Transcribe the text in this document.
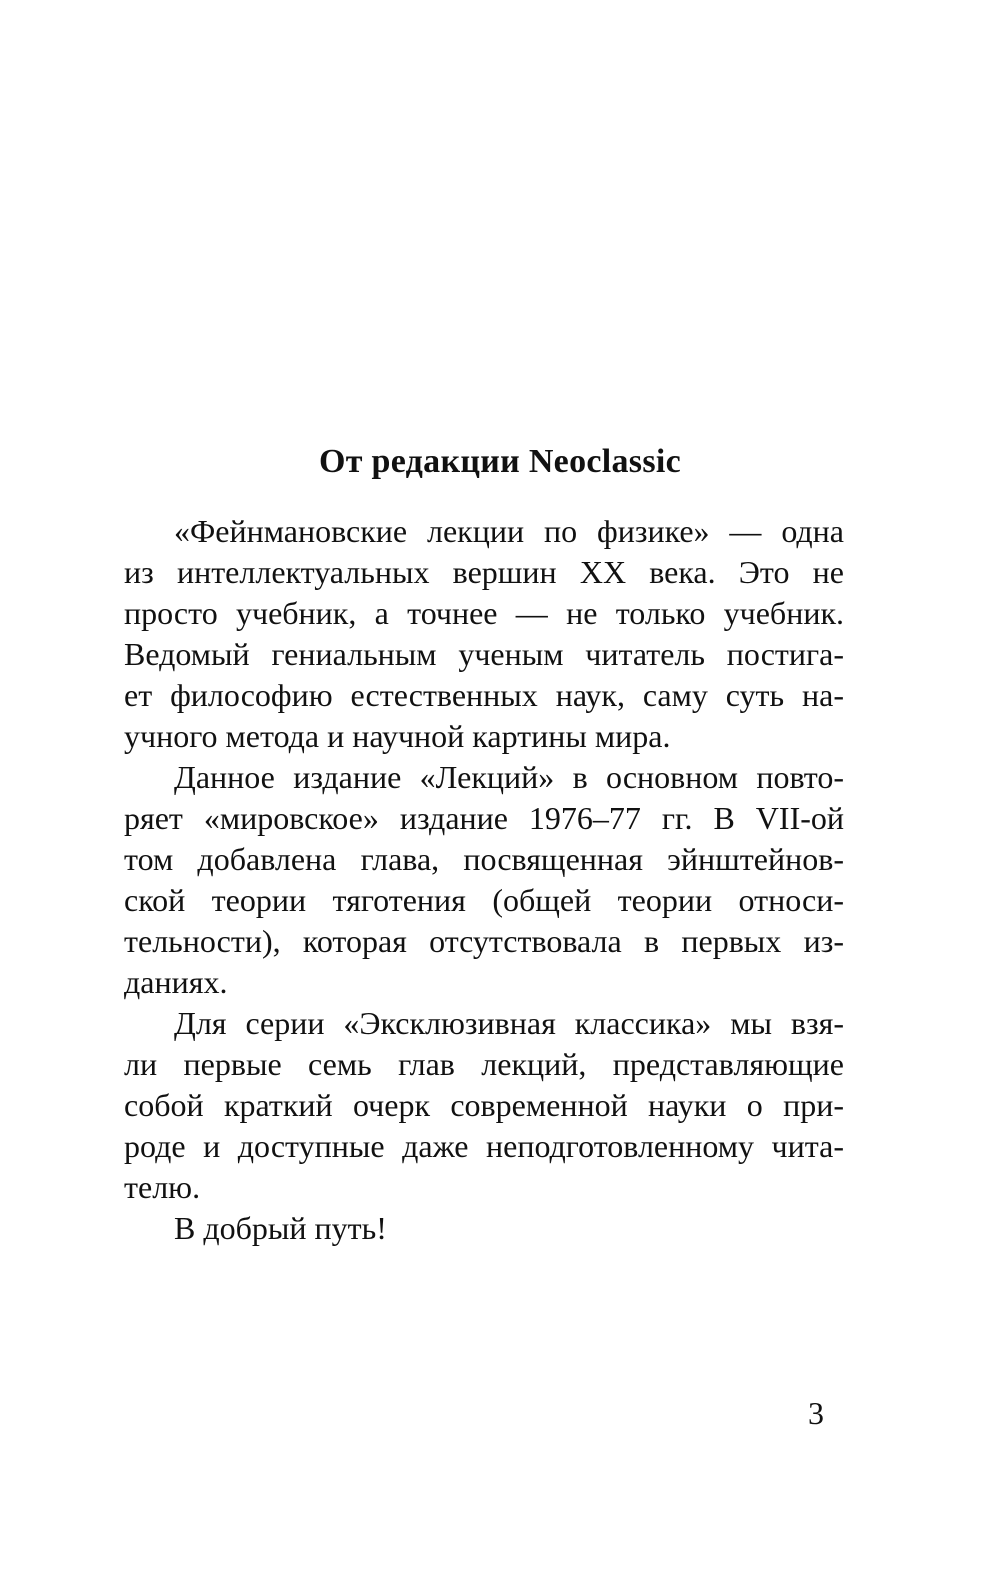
От редакции Neoclassic
«Фейнмановские лекции по физике» — одна
из интеллектуальных вершин XX века. Это не
просто учебник, а точнее — не только учебник.
Ведомый гениальным ученым читатель постига-
ет философию естественных наук, саму суть на-
учного метода и научной картины мира.
Данное издание «Лекций» в основном повто-
ряет «мировское» издание 1976–77 гг. В VII-ой
том добавлена глава, посвященная эйнштейнов-
ской теории тяготения (общей теории относи-
тельности), которая отсутствовала в первых из-
даниях.
Для серии «Эксклюзивная классика» мы взя-
ли первые семь глав лекций, представляющие
собой краткий очерк современной науки о при-
роде и доступные даже неподготовленному чита-
телю.
В добрый путь!
3
